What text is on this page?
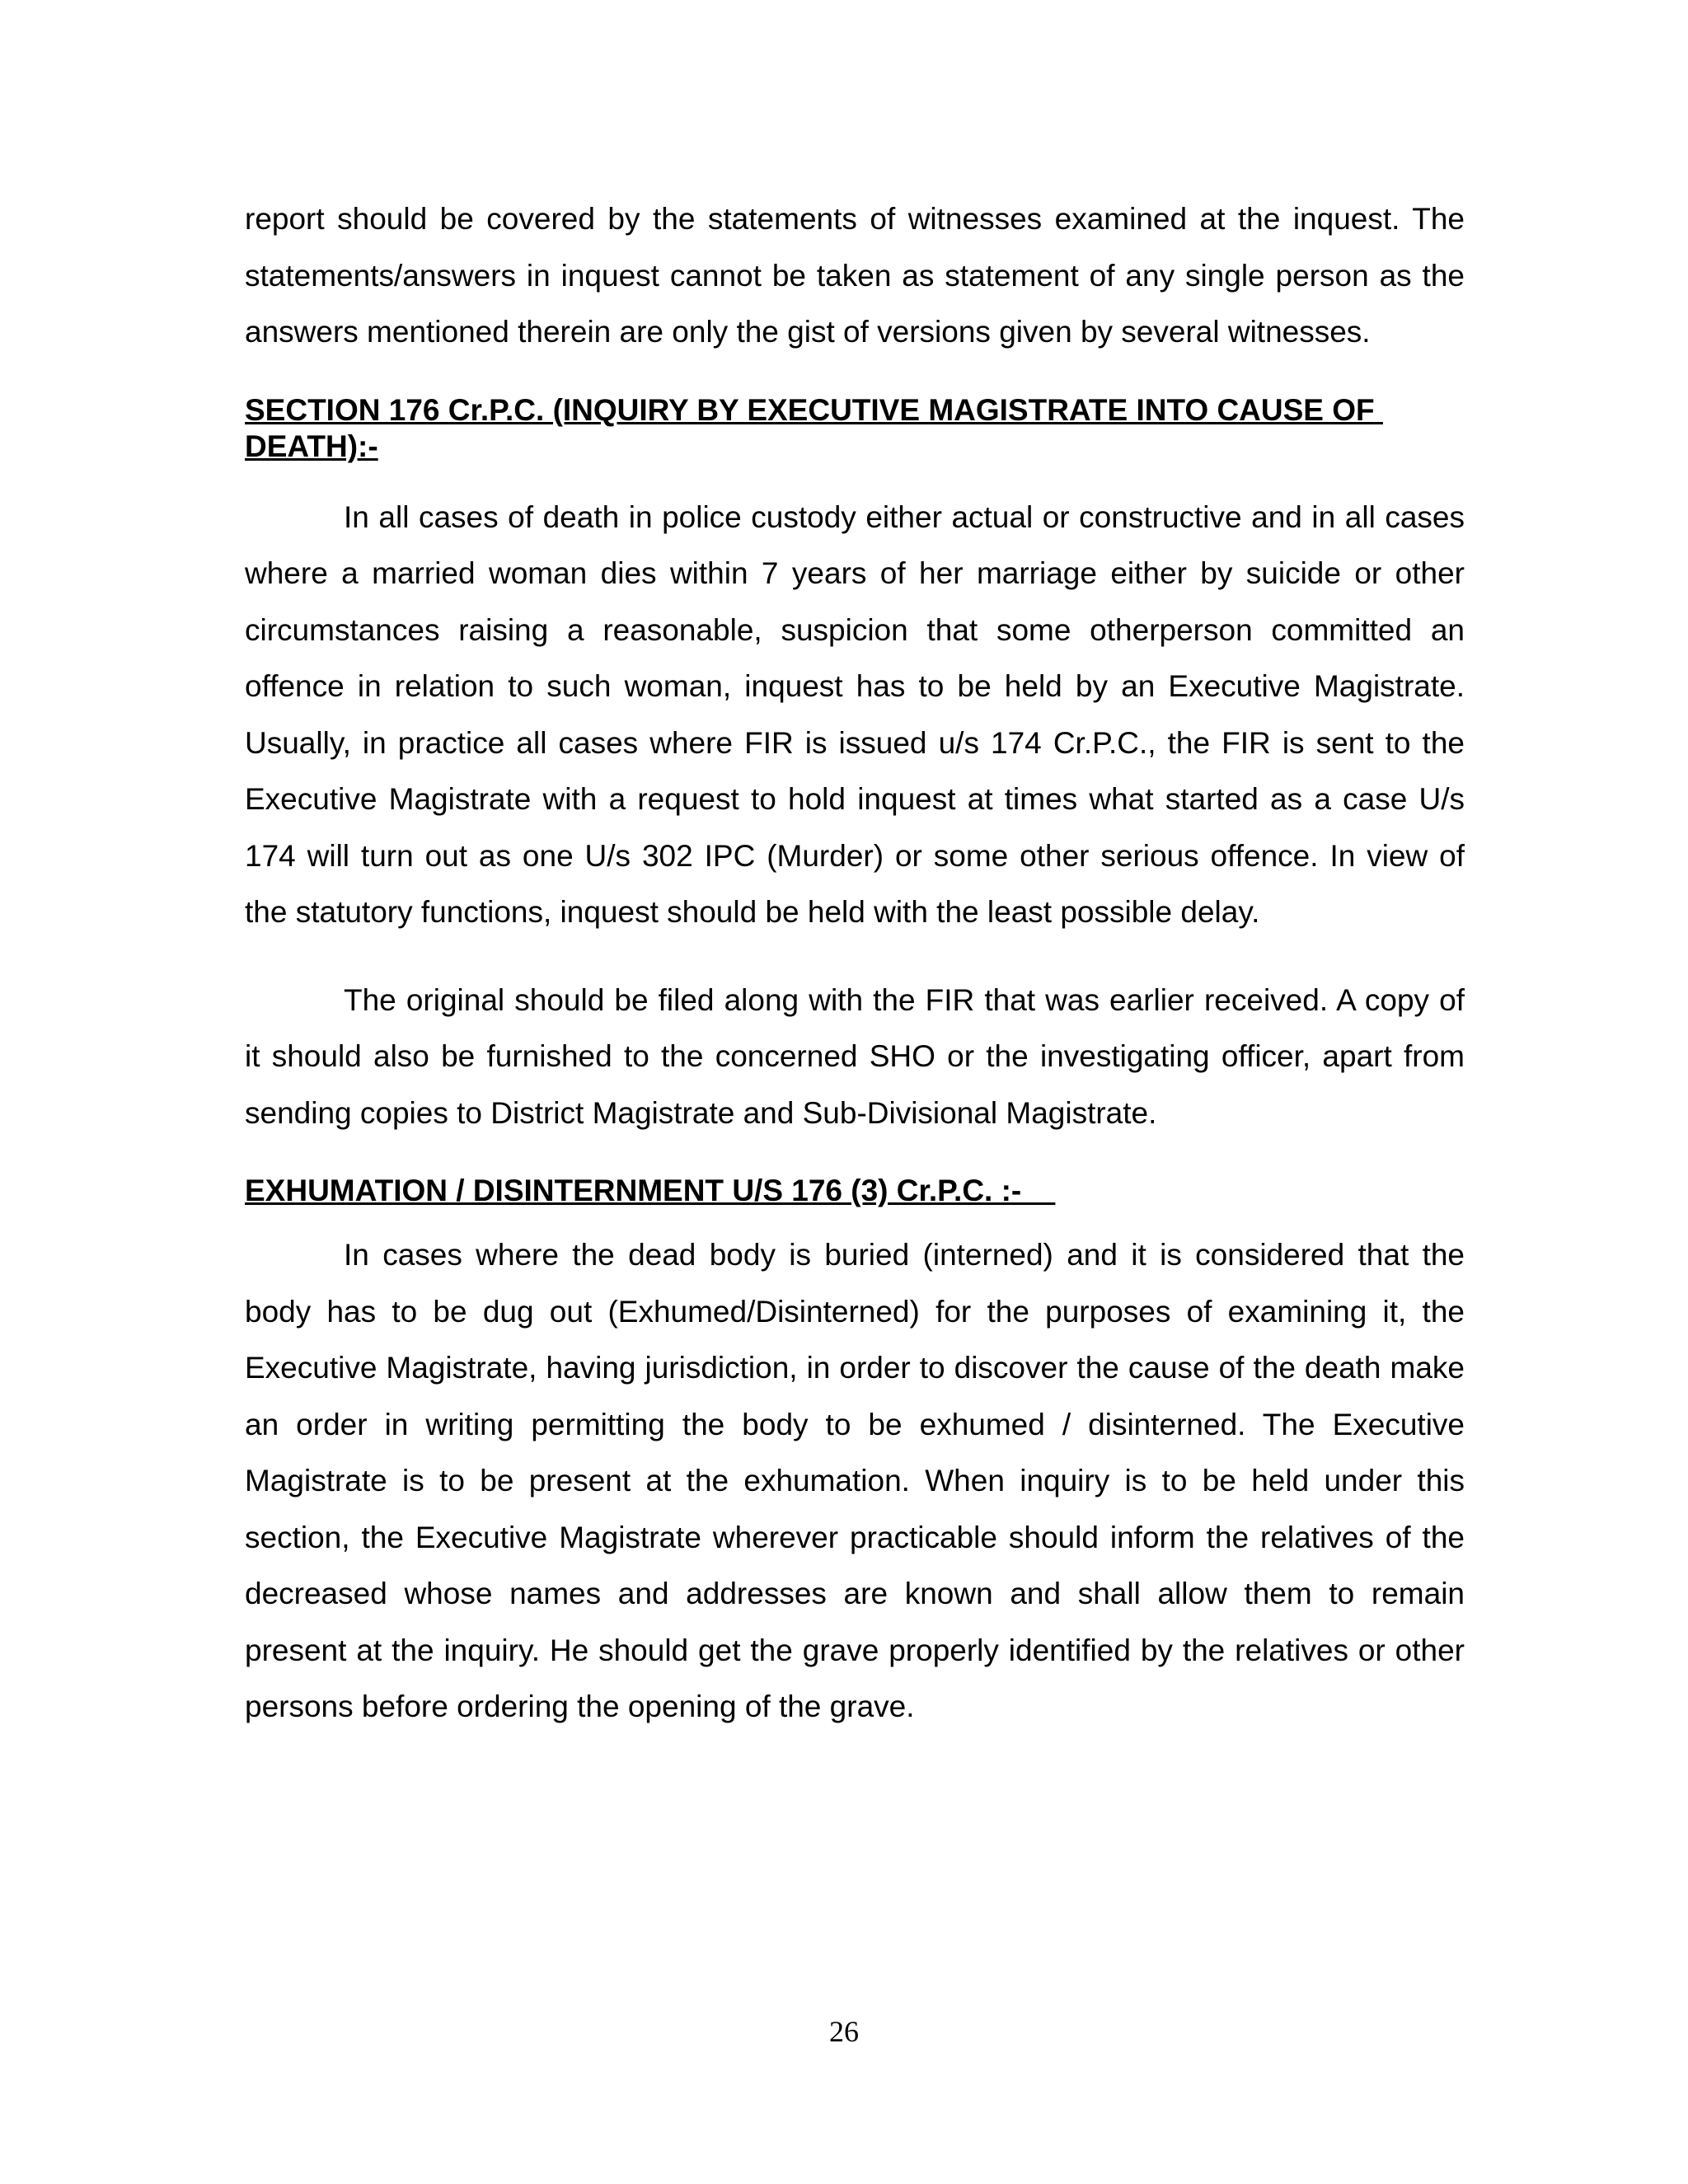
report should be covered by the statements of witnesses examined at the inquest. The statements/answers in inquest cannot be taken as statement of any single person as the answers mentioned therein are only the gist of versions given by several witnesses.

SECTION 176 Cr.P.C. (INQUIRY BY EXECUTIVE MAGISTRATE INTO CAUSE OF DEATH):-

In all cases of death in police custody either actual or constructive and in all cases where a married woman dies within 7 years of her marriage either by suicide or other circumstances raising a reasonable, suspicion that some otherperson committed an offence in relation to such woman, inquest has to be held by an Executive Magistrate. Usually, in practice all cases where FIR is issued u/s 174 Cr.P.C., the FIR is sent to the Executive Magistrate with a request to hold inquest at times what started as a case U/s 174 will turn out as one U/s 302 IPC (Murder) or some other serious offence. In view of the statutory functions, inquest should be held with the least possible delay.

The original should be filed along with the FIR that was earlier received. A copy of it should also be furnished to the concerned SHO or the investigating officer, apart from sending copies to District Magistrate and Sub-Divisional Magistrate.

EXHUMATION / DISINTERNMENT U/S 176 (3) Cr.P.C. :-

In cases where the dead body is buried (interned) and it is considered that the body has to be dug out (Exhumed/Disinterned) for the purposes of examining it, the Executive Magistrate, having jurisdiction, in order to discover the cause of the death make an order in writing permitting the body to be exhumed / disinterned. The Executive Magistrate is to be present at the exhumation. When inquiry is to be held under this section, the Executive Magistrate wherever practicable should inform the relatives of the decreased whose names and addresses are known and shall allow them to remain present at the inquiry. He should get the grave properly identified by the relatives or other persons before ordering the opening of the grave.

26
